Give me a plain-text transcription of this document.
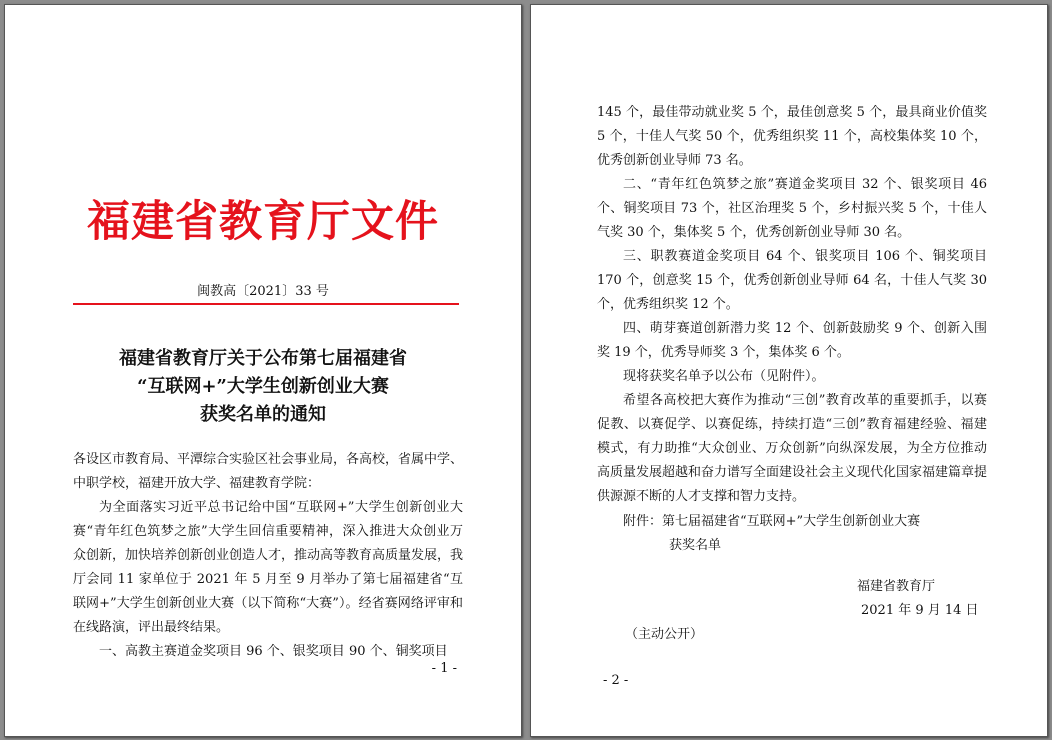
福建省教育厅文件
闽教高〔2021〕33 号
福建省教育厅关于公布第七届福建省
“互联网+”大学生创新创业大赛
获奖名单的通知

各设区市教育局、平潭综合实验区社会事业局，各高校，省属中学、中职学校，福建开放大学、福建教育学院：

为全面落实习近平总书记给中国“互联网+”大学生创新创业大赛“青年红色筑梦之旅”大学生回信重要精神，深入推进大众创业万众创新，加快培养创新创业创造人才，推动高等教育高质量发展，我厅会同 11 家单位于 2021 年 5 月至 9 月举办了第七届福建省“互联网+”大学生创新创业大赛（以下简称“大赛”）。经省赛网络评审和在线路演，评出最终结果。

一、高教主赛道金奖项目 96 个、银奖项目 90 个、铜奖项目

- 1 -

145 个，最佳带动就业奖 5 个，最佳创意奖 5 个，最具商业价值奖 5 个，十佳人气奖 50 个，优秀组织奖 11 个，高校集体奖 10 个，优秀创新创业导师 73 名。

二、“青年红色筑梦之旅”赛道金奖项目 32 个、银奖项目 46 个、铜奖项目 73 个，社区治理奖 5 个，乡村振兴奖 5 个，十佳人气奖 30 个，集体奖 5 个，优秀创新创业导师 30 名。

三、职教赛道金奖项目 64 个、银奖项目 106 个、铜奖项目 170 个，创意奖 15 个，优秀创新创业导师 64 名，十佳人气奖 30 个，优秀组织奖 12 个。

四、萌芽赛道创新潜力奖 12 个、创新鼓励奖 9 个、创新入围奖 19 个，优秀导师奖 3 个，集体奖 6 个。

现将获奖名单予以公布（见附件）。

希望各高校把大赛作为推动“三创”教育改革的重要抓手，以赛促教、以赛促学、以赛促练，持续打造“三创”教育福建经验、福建模式，有力助推“大众创业、万众创新”向纵深发展，为全方位推动高质量发展超越和奋力谱写全面建设社会主义现代化国家福建篇章提供源源不断的人才支撑和智力支持。

附件：第七届福建省“互联网+”大学生创新创业大赛
获奖名单
福建省教育厅
2021 年 9 月 14 日
（主动公开）
- 2 -
